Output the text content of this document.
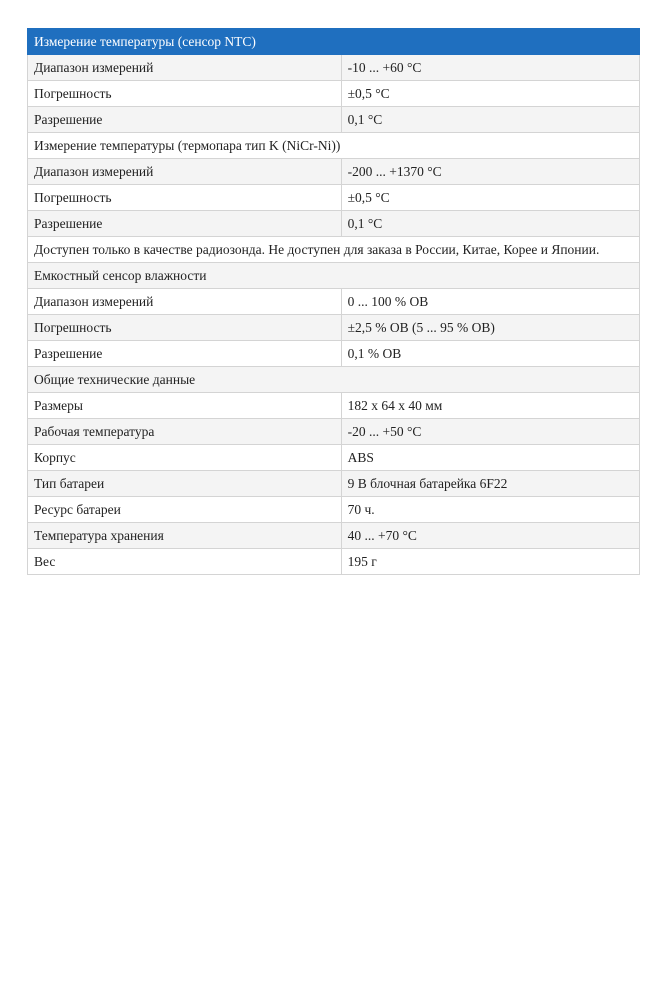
Измерение температуры (сенсор NTC)	
Диапазон измерений	-10 ... +60 °C
Погрешность	±0,5 °C
Разрешение	0,1 °C
Измерение температуры (термопара тип K (NiCr-Ni))	
Диапазон измерений	-200 ... +1370 °C
Погрешность	±0,5 °C
Разрешение	0,1 °C
Доступен только в качестве радиозонда. Не доступен для заказа в России, Китае, Корее и Японии.	
Емкостный сенсор влажности	
Диапазон измерений	0 ... 100 % ОВ
Погрешность	±2,5 % ОВ (5 ... 95 % ОВ)
Разрешение	0,1 % ОВ
Общие технические данные	
Размеры	182 x 64 x 40 мм
Рабочая температура	-20 ... +50 °C
Корпус	ABS
Тип батареи	9 В блочная батарейка 6F22
Ресурс батареи	70 ч.
Температура хранения	40 ... +70 °C
Вес	195 г
